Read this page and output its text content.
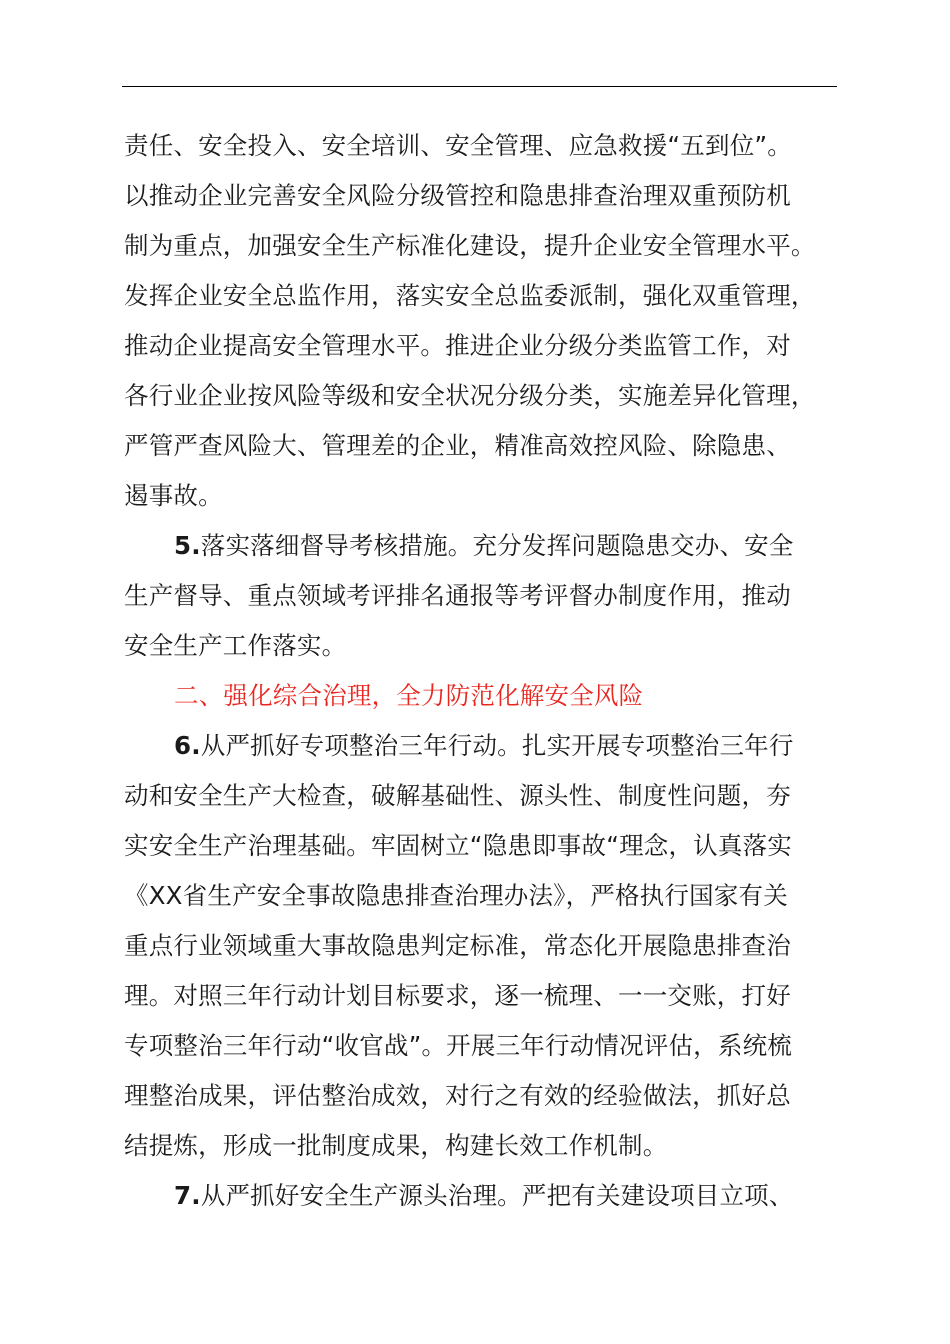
责任、安全投入、安全培训、安全管理、应急救援“五到位”。
以推动企业完善安全风险分级管控和隐患排查治理双重预防机
制为重点，加强安全生产标准化建设，提升企业安全管理水平。
发挥企业安全总监作用，落实安全总监委派制，强化双重管理，
推动企业提高安全管理水平。推进企业分级分类监管工作，对
各行业企业按风险等级和安全状况分级分类，实施差异化管理，
严管严查风险大、管理差的企业，精准高效控风险、除隐患、
遏事故。
5.落实落细督导考核措施。充分发挥问题隐患交办、安全
生产督导、重点领域考评排名通报等考评督办制度作用，推动
安全生产工作落实。
二、强化综合治理，全力防范化解安全风险
6.从严抓好专项整治三年行动。扎实开展专项整治三年行
动和安全生产大检查，破解基础性、源头性、制度性问题，夯
实安全生产治理基础。牢固树立“隐患即事故“理念，认真落实
《XX省生产安全事故隐患排查治理办法》，严格执行国家有关
重点行业领域重大事故隐患判定标准，常态化开展隐患排查治
理。对照三年行动计划目标要求，逐一梳理、一一交账，打好
专项整治三年行动“收官战”。开展三年行动情况评估，系统梳
理整治成果，评估整治成效，对行之有效的经验做法，抓好总
结提炼，形成一批制度成果，构建长效工作机制。
7.从严抓好安全生产源头治理。严把有关建设项目立项、
